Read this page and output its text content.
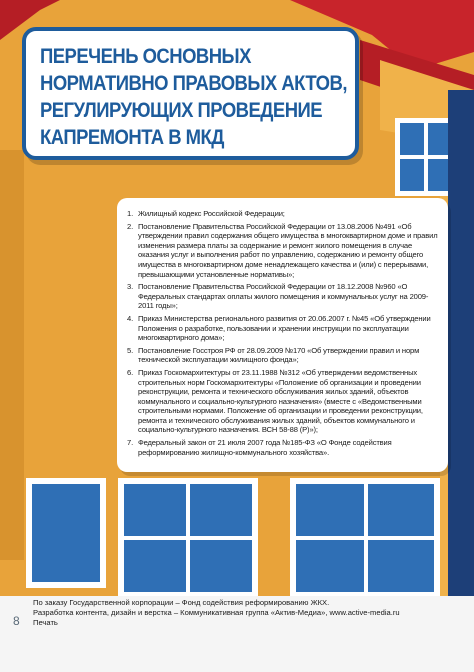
ПЕРЕЧЕНЬ ОСНОВНЫХ
НОРМАТИВНО ПРАВОВЫХ АКТОВ,
РЕГУЛИРУЮЩИХ ПРОВЕДЕНИЕ
КАПРЕМОНТА В МКД
1. Жилищный кодекс Российской Федерации;
2. Постановление Правительства Российской Федерации от 13.08.2006 №491 «Об утверждении правил содержания общего имущества в многоквартирном доме и правил изменения размера платы за содержание и ремонт жилого помещения в случае оказания услуг и выполнения работ по управлению, содержанию и ремонту общего имущества в многоквартирном доме ненадлежащего качества и (или) с перерывами, превышающими установленные нормативы»;
3. Постановление Правительства Российской Федерации от 18.12.2008 №960 «О Федеральных стандартах оплаты жилого помещения и коммунальных услуг на 2009-2011 годы»;
4. Приказ Министерства регионального развития от 20.06.2007 г. №45 «Об утверждении Положения о разработке, пользовании и хранении инструкции по эксплуатации многоквартирного дома»;
5. Постановление Госстроя РФ от 28.09.2009 №170 «Об утверждении правил и норм технической эксплуатации жилищного фонда»;
6. Приказ Госкомархитектуры от 23.11.1988 №312 «Об утверждении ведомственных строительных норм Госкомархитектуры «Положение об организации и проведении реконструкции, ремонта и технического обслуживания жилых зданий, объектов коммунального и социально-культурного назначения» (вместе с «Ведомственными строительными нормами. Положение об организации и проведении реконструкции, ремонта и технического обслуживания жилых зданий, объектов коммунального и социально-культурного назначения. ВСН 58-88 (Р)»);
7. Федеральный закон от 21 июля 2007 года №185-ФЗ «О Фонде содействия реформированию жилищно-коммунального хозяйства».
По заказу Государственной корпорации – Фонд содействия реформированию ЖКХ.
Разработка контента, дизайн и верстка – Коммуникативная группа «Актив-Медиа», www.active-media.ru
Печать
8
